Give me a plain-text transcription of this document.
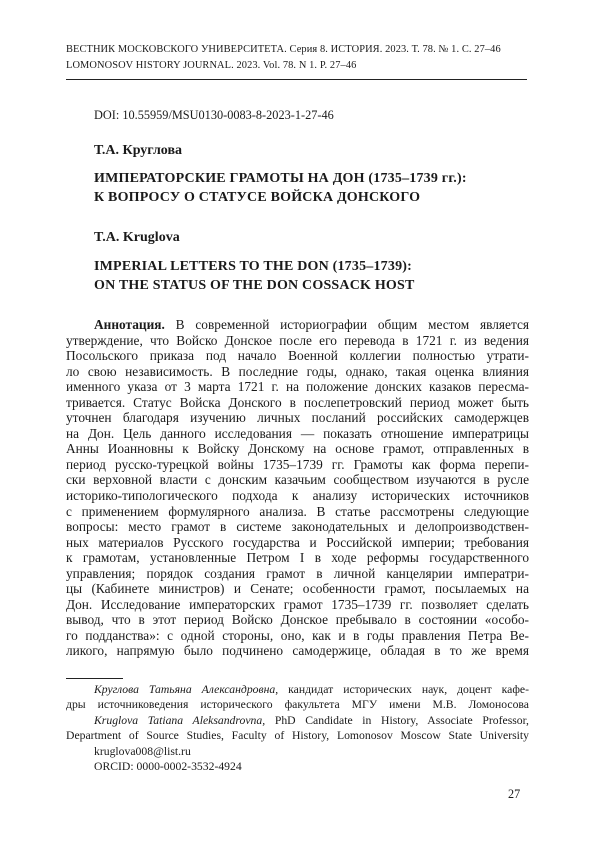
ВЕСТНИК МОСКОВСКОГО УНИВЕРСИТЕТА. Серия 8. ИСТОРИЯ. 2023. Т. 78. № 1. С. 27–46
LOMONOSOV HISTORY JOURNAL. 2023. Vol. 78. N 1. P. 27–46
DOI: 10.55959/MSU0130-0083-8-2023-1-27-46
Т.А. Круглова
ИМПЕРАТОРСКИЕ ГРАМОТЫ НА ДОН (1735–1739 гг.):
К ВОПРОСУ О СТАТУСЕ ВОЙСКА ДОНСКОГО
T.A. Kruglova
IMPERIAL LETTERS TO THE DON (1735–1739):
ON THE STATUS OF THE DON COSSACK HOST
Аннотация. В современной историографии общим местом является
утверждение, что Войско Донское после его перевода в 1721 г. из ведения
Посольского приказа под начало Военной коллегии полностью утрати-
ло свою независимость. В последние годы, однако, такая оценка влияния
именного указа от 3 марта 1721 г. на положение донских казаков пересма-
тривается. Статус Войска Донского в послепетровский период может быть
уточнен благодаря изучению личных посланий российских самодержцев
на Дон. Цель данного исследования — показать отношение императрицы
Анны Иоанновны к Войску Донскому на основе грамот, отправленных в
период русско-турецкой войны 1735–1739 гг. Грамоты как форма перепи-
ски верховной власти с донским казачьим сообществом изучаются в русле
историко-типологического подхода к анализу исторических источников
с применением формулярного анализа. В статье рассмотрены следующие
вопросы: место грамот в системе законодательных и делопроизводствен-
ных материалов Русского государства и Российской империи; требования
к грамотам, установленные Петром I в ходе реформы государственного
управления; порядок создания грамот в личной канцелярии императри-
цы (Кабинете министров) и Сенате; особенности грамот, посылаемых на
Дон. Исследование императорских грамот 1735–1739 гг. позволяет сделать
вывод, что в этот период Войско Донское пребывало в состоянии «особо-
го подданства»: с одной стороны, оно, как и в годы правления Петра Ве-
ликого, напрямую было подчинено самодержице, обладая в то же время
Круглова Татьяна Александровна, кандидат исторических наук, доцент кафе-
дры источниковедения исторического факультета МГУ имени М.В. Ломоносова
Kruglova Tatiana Aleksandrovna, PhD Candidate in History, Associate Professor,
Department of Source Studies, Faculty of History, Lomonosov Moscow State University
kruglova008@list.ru
ORCID: 0000-0002-3532-4924
27
